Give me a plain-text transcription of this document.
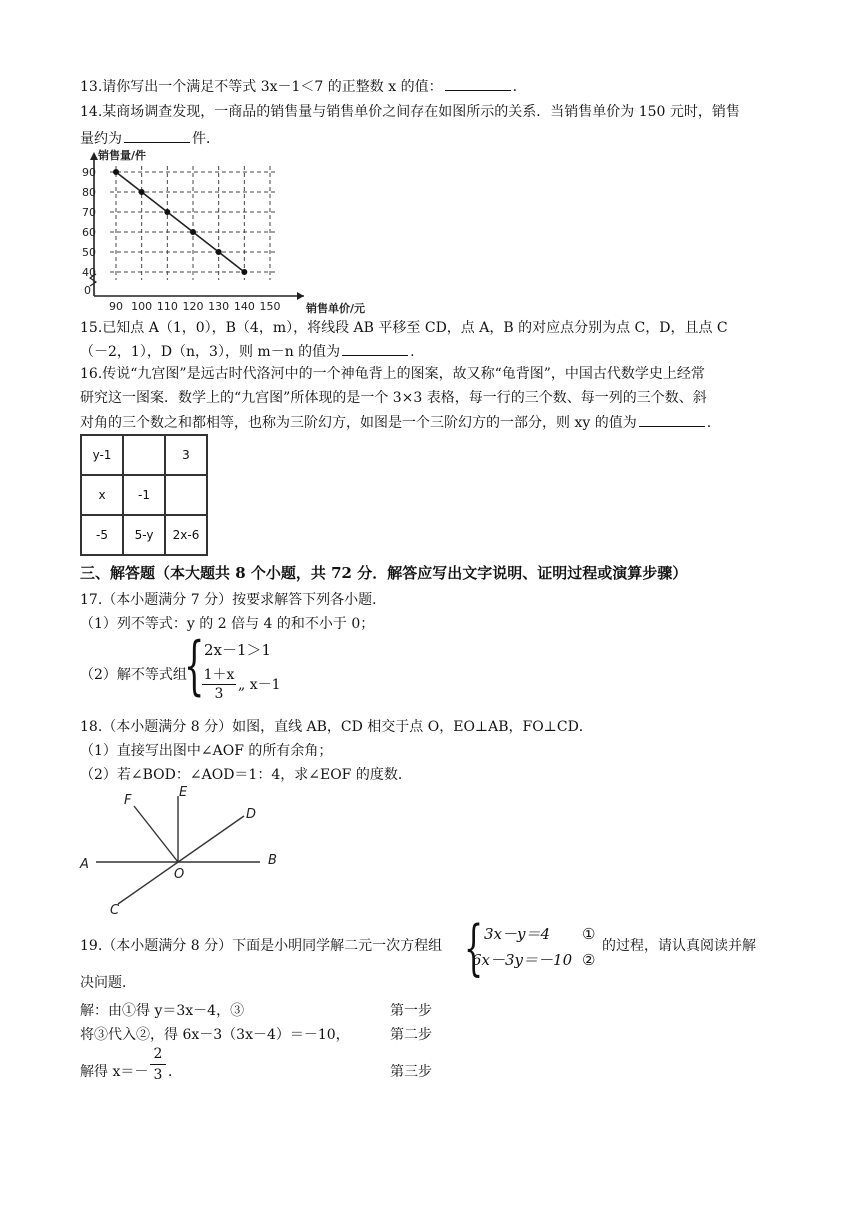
13.请你写出一个满足不等式 3x－1＜7 的正整数 x 的值：	.
14.某商场调查发现，一商品的销售量与销售单价之间存在如图所示的关系．当销售单价为 150 元时，销售
量约为	件．
90 100 110 120 130 140 150
40
50
60
70
80
90
0
销售量/件
销售单价/元
15.已知点 A（1，0），B（4，m），将线段 AB 平移至 CD，点 A，B 的对应点分别为点 C，D，且点 C
（－2，1），D（n，3），则 m－n 的值为	.
16.传说“九宫图”是远古时代洛河中的一个神龟背上的图案，故又称“龟背图”，中国古代数学史上经常
研究这一图案．数学上的“九宫图”所体现的是一个 3×3 表格，每一行的三个数、每一列的三个数、斜
对角的三个数之和都相等，也称为三阶幻方，如图是一个三阶幻方的一部分，则 xy 的值为	.
y-1		3
x	-1	
-5	5-y	2x-6
三、解答题（本大题共 8 个小题，共 72 分．解答应写出文字说明、证明过程或演算步骤）
17.（本小题满分 7 分）按要求解答下列各小题．
（1）列不等式：y 的 2 倍与 4 的和不小于 0；
（2）解不等式组
{ 2x－1＞1
$\frac{1+x}{3}$ „ x－1
18.（本小题满分 8 分）如图，直线 AB，CD 相交于点 O，EO⊥AB，FO⊥CD．
（1）直接写出图中∠AOF 的所有余角；
（2）若∠BOD：∠AOD＝1：4，求∠EOF 的度数．
F
E
D
A	B
O
C
19.（本小题满分 8 分）下面是小明同学解二元一次方程组 { 3x－y＝4 ①
6x－3y＝－10 ②
的过程，请认真阅读并解
决问题．
解：由①得 y＝3x－4，③	第一步
将③代入②，得 6x－3（3x－4）＝－10，	第二步
解得 $x=- \frac{2}{3}$ ．	第三步
